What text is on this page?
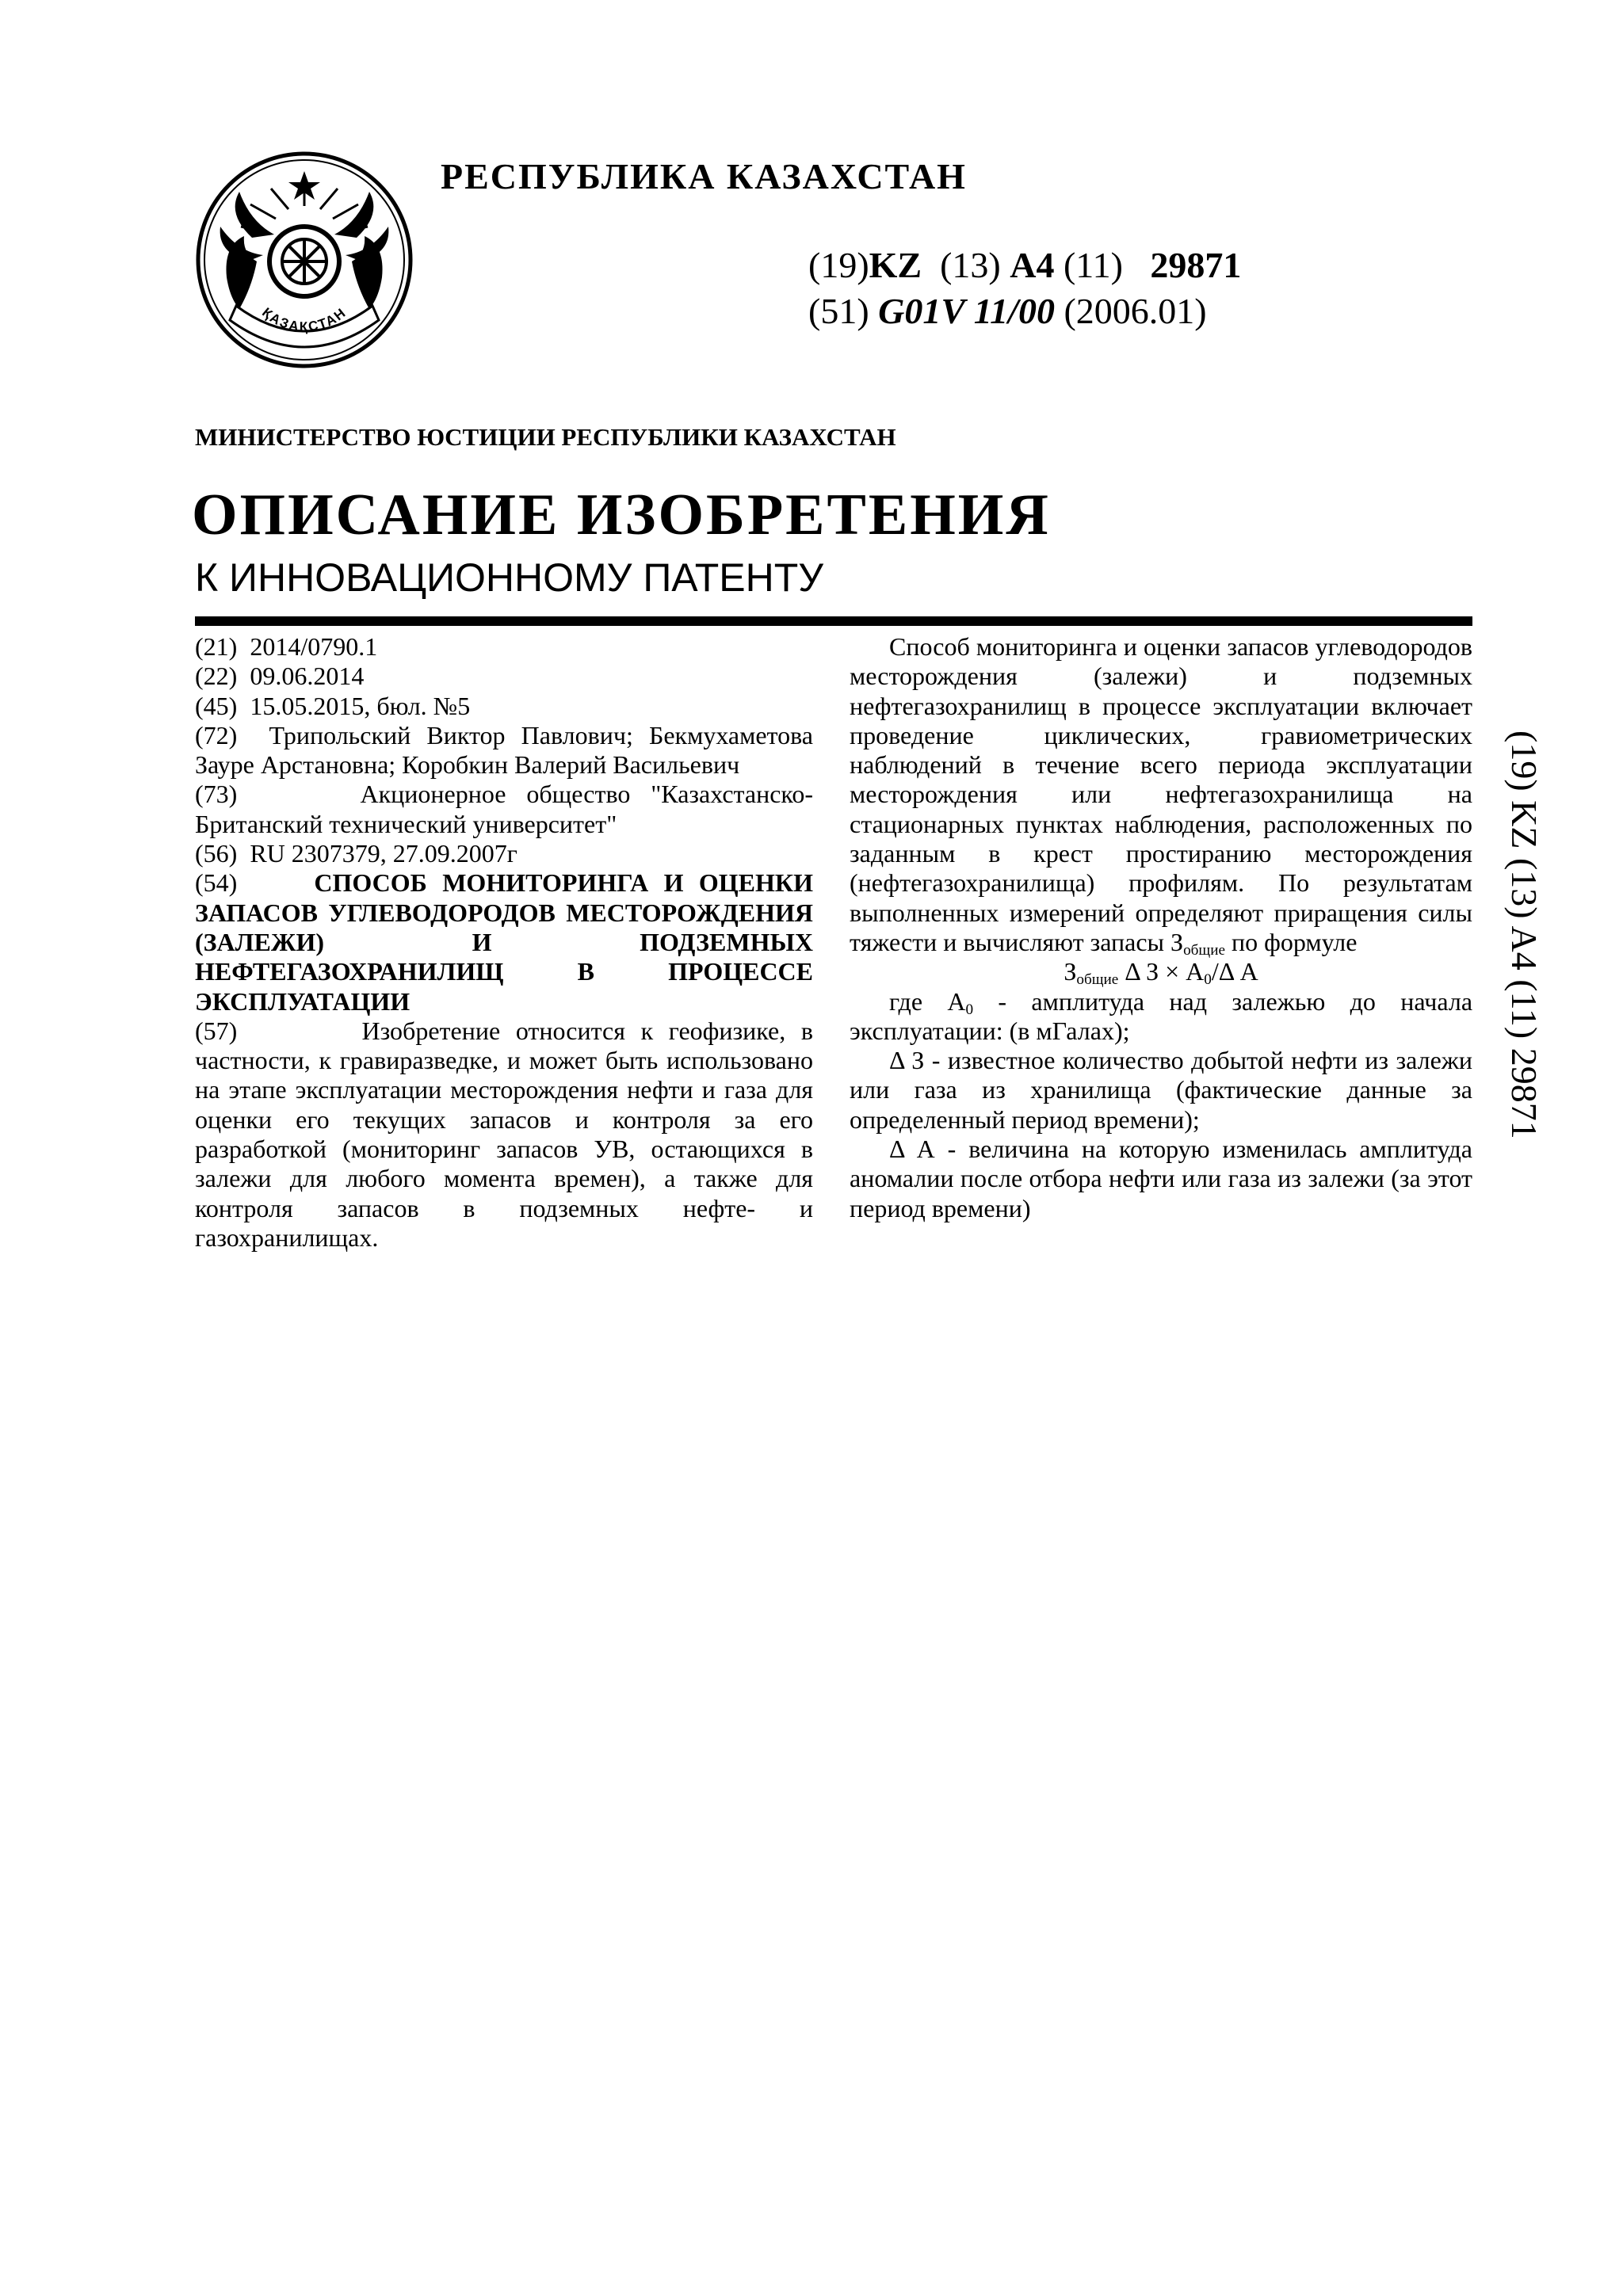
ҚАЗАҚСТАН
РЕСПУБЛИКА КАЗАХСТАН
(19)KZ (13) A4 (11) 29871
(51) G01V 11/00 (2006.01)
МИНИСТЕРСТВО ЮСТИЦИИ РЕСПУБЛИКИ КАЗАХСТАН
ОПИСАНИЕ ИЗОБРЕТЕНИЯ
К ИННОВАЦИОННОМУ ПАТЕНТУ

(21) 2014/0790.1

(22) 09.06.2014

(45) 15.05.2015, бюл. №5

(72) Трипольский Виктор Павлович; Бекмухаметова Зауре Арстановна; Коробкин Валерий Васильевич

(73)	Акционерное общество "Казахстанско-Британский технический университет"

(56) RU 2307379, 27.09.2007г

(54)	СПОСОБ МОНИТОРИНГА И ОЦЕНКИ ЗАПАСОВ УГЛЕВОДОРОДОВ МЕСТОРОЖДЕНИЯ (ЗАЛЕЖИ) И ПОДЗЕМНЫХ НЕФТЕГАЗОХРАНИЛИЩ В ПРОЦЕССЕ ЭКСПЛУАТАЦИИ

(57)	Изобретение относится к геофизике, в частности, к гравиразведке, и может быть использовано на этапе эксплуатации месторождения нефти и газа для оценки его текущих запасов и контроля за его разработкой (мониторинг запасов УВ, остающихся в залежи для любого момента времен), а также для контроля запасов в подземных нефте- и газохранилищах.

Способ мониторинга и оценки запасов углеводородов месторождения (залежи) и подземных нефтегазохранилищ в процессе эксплуатации включает проведение циклических, гравиометрических наблюдений в течение всего периода эксплуатации месторождения или нефтегазохранилища на стационарных пунктах наблюдения, расположенных по заданным в крест простиранию месторождения (нефтегазохранилища) профилям. По результатам выполненных измерений определяют приращения силы тяжести и вычисляют запасы $З_{общие}$ по формуле

$З_{общие}$ Δ $З \times А_0/\Delta$ А

где $А_0$ - амплитуда над залежью до начала эксплуатации: (в мГалах);

Δ З - известное количество добытой нефти из залежи или газа из хранилища (фактические данные за определенный период времени);

Δ А - величина на которую изменилась амплитуда аномалии после отбора нефти или газа из залежи (за этот период времени)

(19) KZ (13) A4 (11) 29871
